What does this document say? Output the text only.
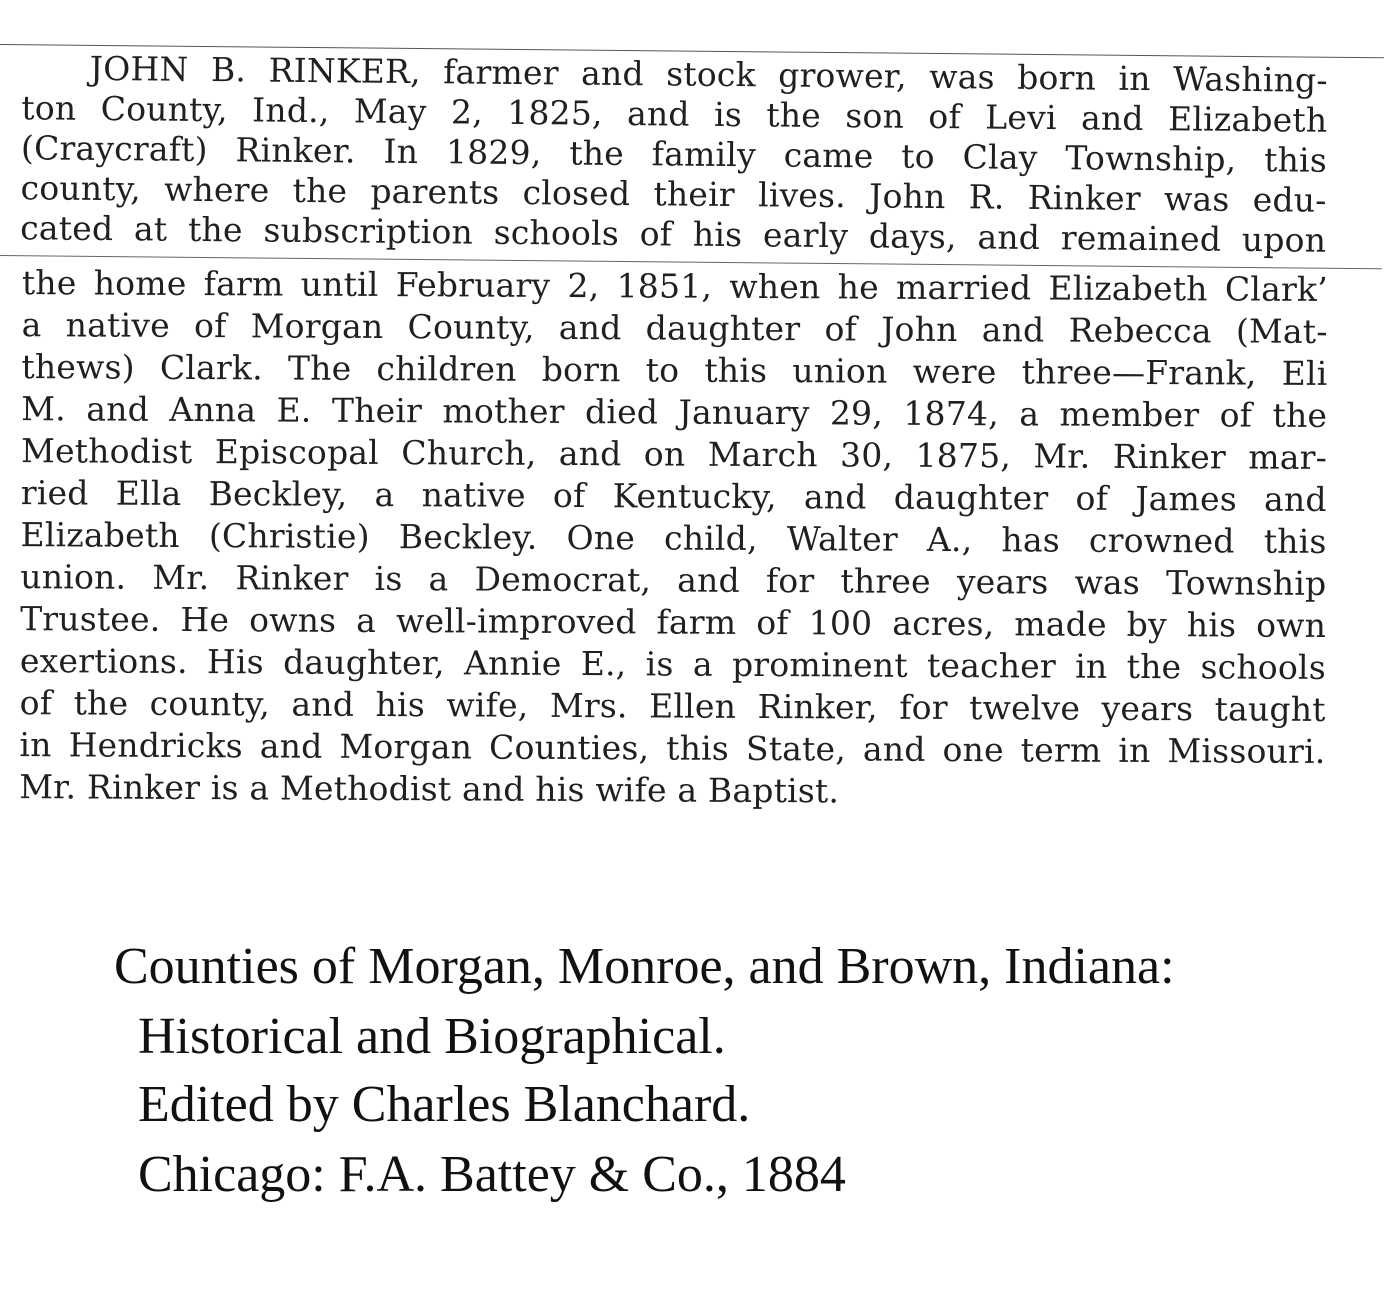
JOHN B. RINKER, farmer and stock grower, was born in Washing-
ton County, Ind., May 2, 1825, and is the son of Levi and Elizabeth
(Craycraft) Rinker. In 1829, the family came to Clay Township, this
county, where the parents closed their lives. John R. Rinker was edu-
cated at the subscription schools of his early days, and remained upon
the home farm until February 2, 1851, when he married Elizabeth Clark’
a native of Morgan County, and daughter of John and Rebecca (Mat-
thews) Clark. The children born to this union were three—Frank, Eli
M. and Anna E. Their mother died January 29, 1874, a member of the
Methodist Episcopal Church, and on March 30, 1875, Mr. Rinker mar-
ried Ella Beckley, a native of Kentucky, and daughter of James and
Elizabeth (Christie) Beckley. One child, Walter A., has crowned this
union. Mr. Rinker is a Democrat, and for three years was Township
Trustee. He owns a well-improved farm of 100 acres, made by his own
exertions. His daughter, Annie E., is a prominent teacher in the schools
of the county, and his wife, Mrs. Ellen Rinker, for twelve years taught
in Hendricks and Morgan Counties, this State, and one term in Missouri.
Mr. Rinker is a Methodist and his wife a Baptist.
Counties of Morgan, Monroe, and Brown, Indiana:
Historical and Biographical.
Edited by Charles Blanchard.
Chicago: F.A. Battey & Co., 1884
